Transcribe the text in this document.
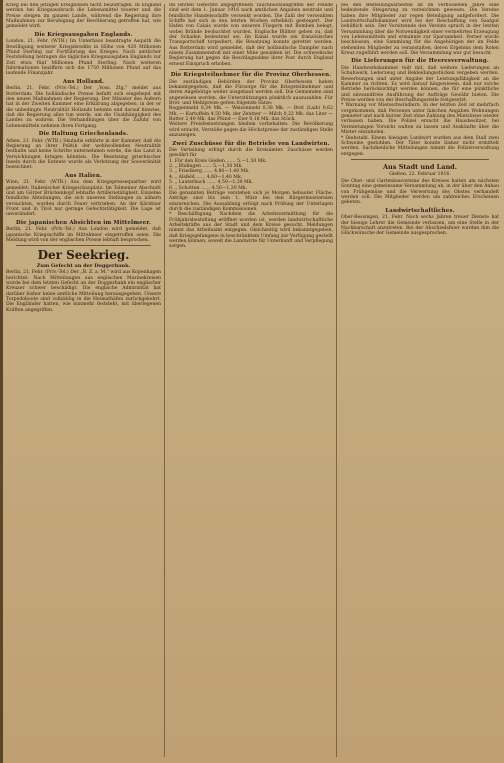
Krieg bei den jetzigen Ereignissen nicht beizutragen. In England werden bei Kriegsausbruch die Lebensmittel teuerer und die Preise steigen im ganzen Lande, während die Regierung ihre Maßnahmen zur Beruhigung der Bevölkerung getroffen hat, wie gemeldet wird.

Die Kriegsausgaben Englands.

London, 21. Febr. (WTB.) Im Unterhaus beantragte Asquith die Bewilligung weiterer Kriegskredite in Höhe von 420 Millionen Pfund Sterling zur Fortführung des Krieges. Nach amtlicher Feststellung betragen die täglichen Kriegsausgaben Englands zur Zeit etwa fünf Millionen Pfund Sterling. Nach weiteren Informationen beziffern sich die 1750 Millionen Pfund auf das laufende Finanzjahr.

Aus Holland.

Berlin, 21. Febr. (Priv.-Tel.) Der „Voss. Ztg." meldet aus Rotterdam: Die holländische Presse befaßt sich eingehend mit den neuen Maßnahmen der Regierung. Der Minister des Äußern hat in der Zweiten Kammer eine Erklärung abgegeben, in der er die unbedingte Neutralität Hollands betonte und darauf hinwies, daß die Regierung alles tun werde, um die Unabhängigkeit des Landes zu wahren. Die Verhandlungen über die Zufuhr von Lebensmitteln nehmen ihren Fortgang.

Die Haltung Griechenlands.

Athen, 21. Febr. (WTB.) Skuludis erklärte in der Kammer, daß die Regierung an ihrer Politik der wohlwollenden Neutralität festhalte und keine Schritte unternehmen werde, die das Land in Verwicklungen bringen könnten. Die Besetzung griechischer Inseln durch die Entente wurde als Verletzung der Souveränität bezeichnet.

Aus Italien.

Wien, 21. Febr. (WTB.) Aus dem Kriegspressequartier wird gemeldet: Italienischer Kriegsschauplatz: Im Tolmeiner Abschnitt und am Görzer Brückenkopf lebhafte Artillerietätigkeit. Einzelne feindliche Abteilungen, die sich unseren Stellungen zu nähern versuchten, wurden durch Feuer vertrieben. An der Kärntner Front und in Tirol nur geringe Gefechtstätigkeit. Die Lage ist unverändert.

Die japanischen Absichten im Mittelmeer.

Berlin, 21. Febr. (Priv.-Tel.) Aus London wird gemeldet, daß japanische Kriegsschiffe im Mittelmeer eingetroffen seien. Die Meldung wird von der englischen Presse lebhaft besprochen.

Der Seekrieg.
Zum Gefecht an der Doggerbank.

Berlin, 21. Febr. (Priv.-Tel.) Der „B. Z. a. M." wird aus Kopenhagen berichtet: Nach Mitteilungen aus englischen Marinekreisen wurde bei dem letzten Gefecht an der Doggerbank ein englischer Kreuzer schwer beschädigt. Die englische Admiralität hat darüber bisher keine amtliche Mitteilung herausgegeben. Unsere Torpedoboote sind vollzählig in die Heimathäfen zurückgekehrt. Die Engländer hatten, wie nunmehr feststeht, mit überlegenen Kräften angegriffen.

Im letzten Gefechte angegriffenen Tauchbootsangriffen der Feinde sind seit dem 1. Januar 1916 nach amtlichen Angaben neutrale und feindliche Handelsschiffe versenkt worden. Die Zahl der versenkten Schiffe hat sich in den letzten Wochen erheblich gesteigert. Der Hafen von Calais wurde von unseren Fliegern mit Bomben belegt, wobei Brände beobachtet wurden. Englische Blätter geben zu, daß der Schaden bedeutend sei. Im Kanal wurde ein französisches Transportschiff torpediert, die Besatzung konnte gerettet werden. Aus Rotterdam wird gemeldet, daß der holländische Dampfer nach einem Zusammenstoß mit einer Mine gesunken ist. Die schwedische Regierung hat gegen die Beschlagnahme ihrer Post durch England erneut Einspruch erhoben.

Die Kriegsteilnehmer für die Provinz Oberhessen.

Die zuständigen Behörden der Provinz Oberhessen haben bekanntgegeben, daß die Fürsorge für die Kriegsteilnehmer und deren Angehörige weiter ausgebaut werden soll. Die Gemeinden sind angewiesen worden, die Unterstützungen pünktlich auszuzahlen. Für Brot- und Mehlpreise gelten folgende Sätze:

Roggenmehl 0,34 Mk. — Weizenmehl 0,38 Mk. — Brot (Laib) 0,62 Mk. — Kartoffeln 4,50 Mk. der Zentner — Milch 0,22 Mk. das Liter — Butter 2,40 Mk. das Pfund — Eier 0,18 Mk. das Stück.

Weitere Preisfestsetzungen bleiben vorbehalten. Die Bevölkerung wird ersucht, Verstöße gegen die Höchstpreise der zuständigen Stelle anzuzeigen.

Zwei Zuschüsse für die Betriebe von Landwirten.

Die Verteilung erfolgt durch die Kreisämter. Zuschüsse werden gewährt für

1. Für den Kreis Gießen …… 5,—1,50 Mk.

2. „ Büdingen …… 5,—1,50 Mk.

3. „ Friedberg …… 4,80—1,40 Mk.

4. „ Alsfeld …… 4,60—1,40 Mk.

5. „ Lauterbach …… 4,50—1,30 Mk.

6. „ Schotten …… 4,50—1,30 Mk.

Die genannten Beträge verstehen sich je Morgen bebauter Fläche. Anträge sind bis zum 1. März bei den Bürgermeistereien einzureichen. Die Auszahlung erfolgt nach Prüfung der Unterlagen durch die zuständigen Kommissionen.

* Beschäftigung. Nachdem die Arbeitsvermittlung für die Frühjahrsbestellung eröffnet worden ist, werden landwirtschaftliche Arbeitskräfte aus der Stadt und dem Kreise gesucht. Meldungen nimmt das Arbeitsamt entgegen. Gleichzeitig wird bekanntgegeben, daß Kriegsgefangene in beschränktem Umfang zur Verfügung gestellt werden können, soweit die Landwirte für Unterkunft und Verpflegung sorgen.

bei den Bestellungsarbeiten ist im verflossenen Jahre eine bedeutende Steigerung zu verzeichnen gewesen. Die Vereine haben ihre Mitglieder zur regen Beteiligung aufgefordert. Die Landwirtschaftskammer wird bei der Beschaffung von Saatgut behilflich sein. Der Vorsitzende des Vereins sprach in der letzten Versammlung über die Notwendigkeit einer vermehrten Erzeugung von Lebensmitteln und ermahnte zur Sparsamkeit. Ferner wurde beschlossen, eine Sammlung für die Angehörigen der im Felde stehenden Mitglieder zu veranstalten, deren Ergebnis dem Roten Kreuz zugeführt werden soll. Die Versammlung war gut besucht.

Die Lieferungen für die Heeresverwaltung.

Die Handwerkskammer teilt mit, daß weitere Lieferungen an Schuhwerk, Lederzeug und Bekleidungsstücken vergeben werden. Bewerbungen sind unter Angabe der Leistungsfähigkeit an die Kammer zu richten. Es wird darauf hingewiesen, daß nur solche Betriebe berücksichtigt werden können, die für eine pünktliche und einwandfreie Ausführung der Aufträge Gewähr bieten. Die Preise werden von der Beschaffungsstelle festgesetzt.

* Warnung vor Mietsschwindlern. In der letzten Zeit ist mehrfach vorgekommen, daß Personen unter falschen Angaben Wohnungen gemietet und nach kurzer Zeit ohne Zahlung des Mietzinses wieder verlassen haben. Die Polizei ersucht die Hausbesitzer, bei Vermietungen Vorsicht walten zu lassen und Auskünfte über die Mieter einzuholen.

* Diebstahl. Einem hiesigen Landwirt wurden aus dem Stall zwei Schweine gestohlen. Der Täter konnte bisher nicht ermittelt werden. Sachdienliche Mitteilungen nimmt die Polizeiverwaltung entgegen.

Aus Stadt und Land.
Gießen, 22. Februar 1916.

Die Obst- und Gartenbauvereine des Kreises halten am nächsten Sonntag eine gemeinsame Versammlung ab, in der über den Anbau von Frühgemüse und die Verwertung des Obstes verhandelt werden soll. Die Mitglieder werden um zahlreiches Erscheinen gebeten.

Landwirtschaftliches.

Ober-Bessingen, 21. Febr. Nach sechs Jahren treuer Dienste hat der hiesige Lehrer die Gemeinde verlassen, um eine Stelle in der Nachbarschaft anzutreten. Bei der Abschiedsfeier wurden ihm die Glückwünsche der Gemeinde ausgesprochen.
